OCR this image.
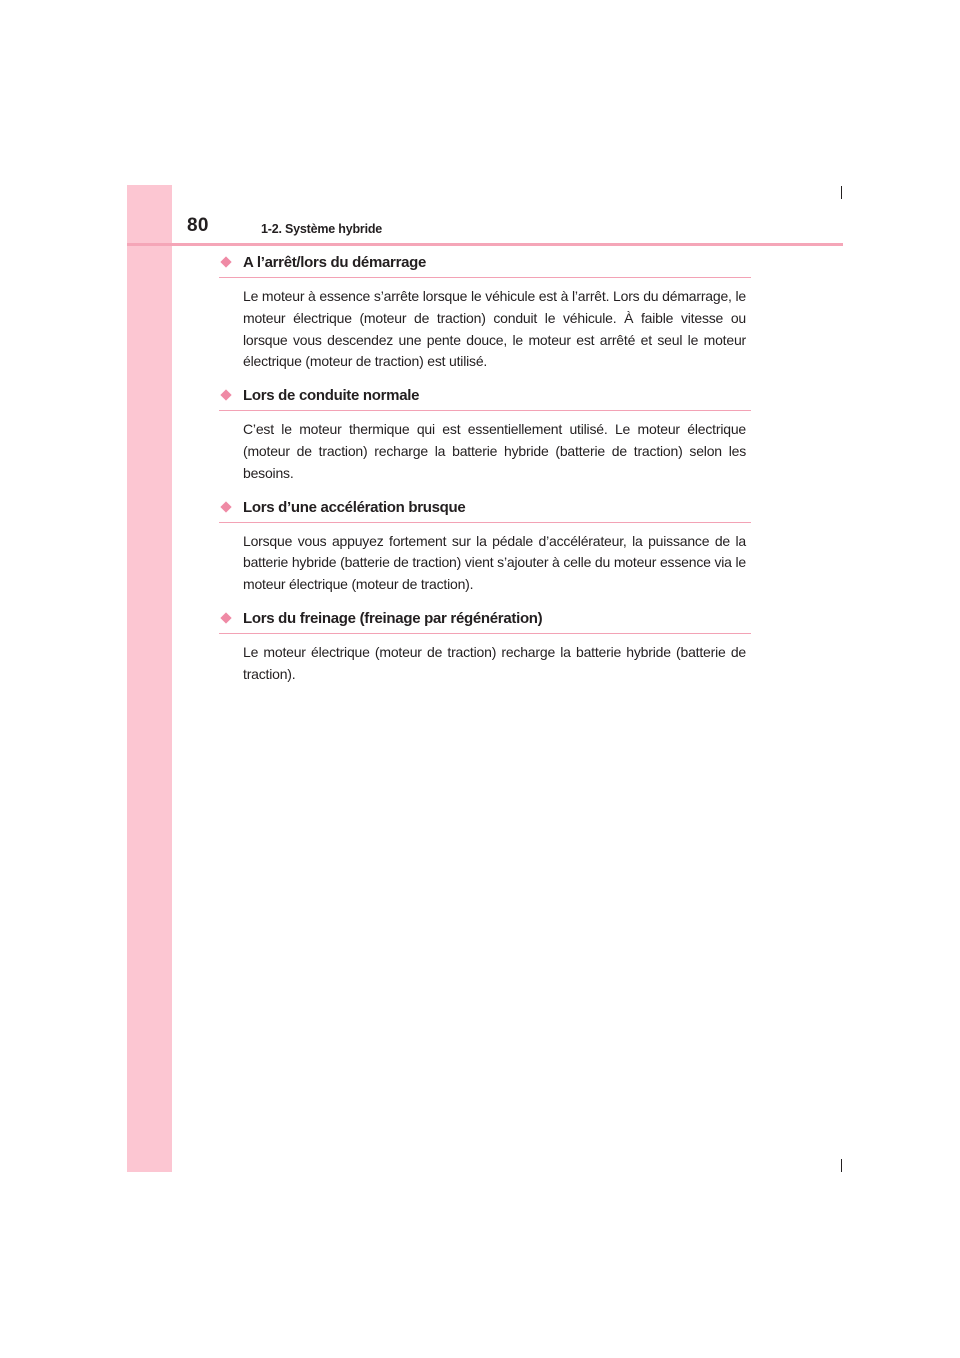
80	1-2. Système hybride
A l’arrêt/lors du démarrage
Le moteur à essence s’arrête lorsque le véhicule est à l’arrêt. Lors du démarrage, le moteur électrique (moteur de traction) conduit le véhicule. À faible vitesse ou lorsque vous descendez une pente douce, le moteur est arrêté et seul le moteur électrique (moteur de traction) est utilisé.
Lors de conduite normale
C’est le moteur thermique qui est essentiellement utilisé. Le moteur électrique (moteur de traction) recharge la batterie hybride (batterie de traction) selon les besoins.
Lors d’une accélération brusque
Lorsque vous appuyez fortement sur la pédale d’accélérateur, la puissance de la batterie hybride (batterie de traction) vient s’ajouter à celle du moteur essence via le moteur électrique (moteur de traction).
Lors du freinage (freinage par régénération)
Le moteur électrique (moteur de traction) recharge la batterie hybride (batterie de traction).
